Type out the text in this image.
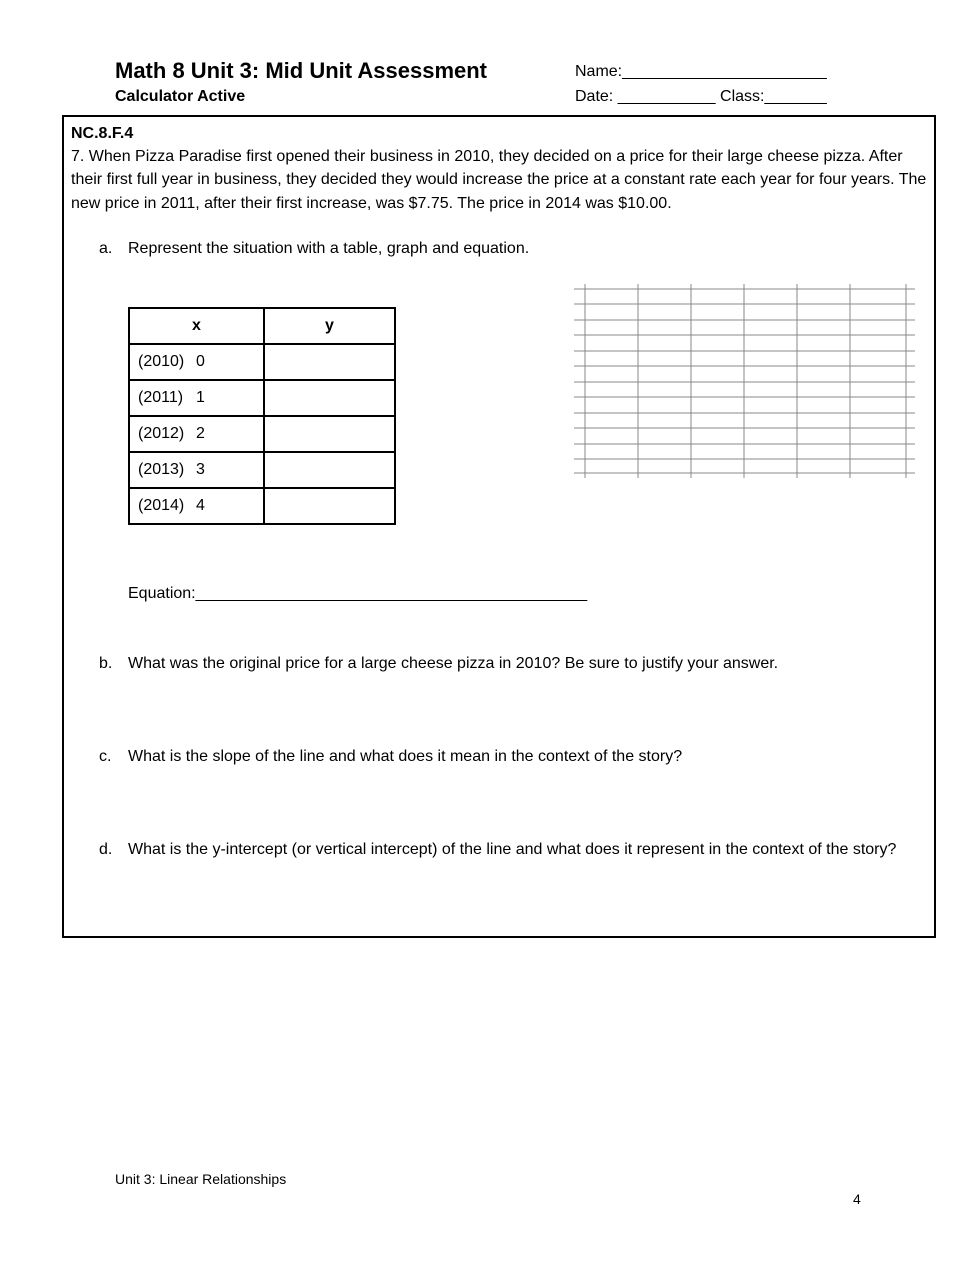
Math 8 Unit 3: Mid Unit Assessment
Calculator Active
Name:_______________________
Date: ___________ Class:_______
NC.8.F.4
7. When Pizza Paradise first opened their business in 2010, they decided on a price for their large cheese pizza. After their first full year in business, they decided they would increase the price at a constant rate each year for four years. The new price in 2011, after their first increase, was $7.75. The price in 2014 was $10.00.
a. Represent the situation with a table, graph and equation.
x	y
(2010) 0	
(2011) 1	
(2012) 2	
(2013) 3	
(2014) 4	
Equation:____________________________________________
b. What was the original price for a large cheese pizza in 2010? Be sure to justify your answer.
c. What is the slope of the line and what does it mean in the context of the story?
d. What is the y-intercept (or vertical intercept) of the line and what does it represent in the context of the story?
Unit 3: Linear Relationships
4
